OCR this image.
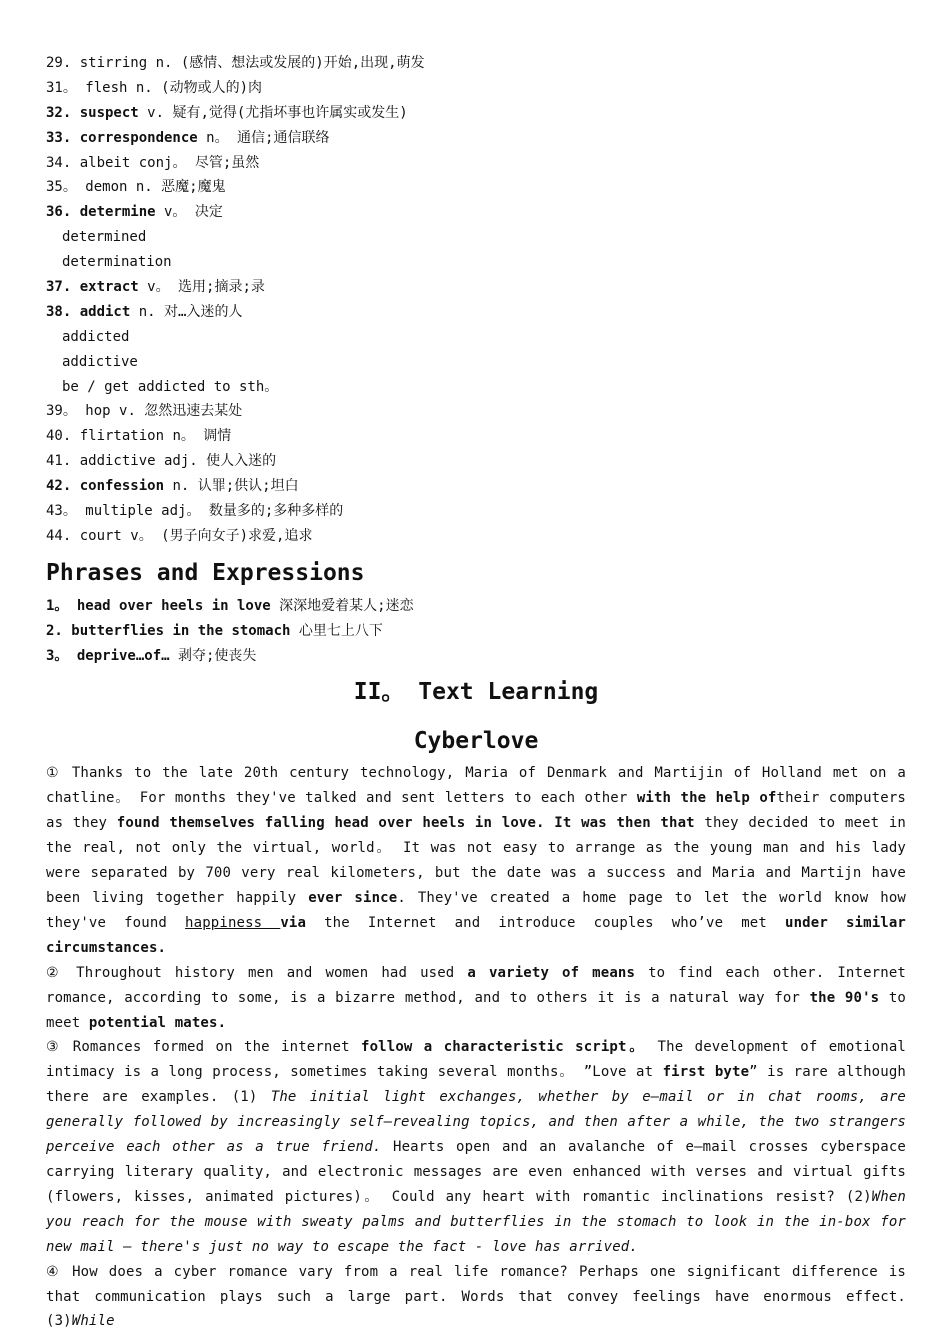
29. stirring n. (感情、想法或发展的)开始,出现,萌发
31。 flesh n. (动物或人的)肉
32. suspect v. 疑有,觉得(尤指坏事也许属实或发生)
33. correspondence n。 通信;通信联络
34. albeit conj。 尽管;虽然
35。 demon n. 恶魔;魔鬼
36. determine v。 决定
determined
determination
37. extract v。 选用;摘录;录
38. addict n. 对…入迷的人
addicted
addictive
be / get addicted to sth。
39。 hop v. 忽然迅速去某处
40. flirtation n。 调情
41. addictive adj. 使人入迷的
42. confession n. 认罪;供认;坦白
43。 multiple adj。 数量多的;多种多样的
44. court v。 (男子向女子)求爱,追求
Phrases and Expressions
1。 head over heels in love 深深地爱着某人;迷恋
2. butterflies in the stomach 心里七上八下
3。 deprive…of… 剥夺;使丧失
II。 Text Learning
Cyberlove
① Thanks to the late 20th century technology, Maria of Denmark and Martijin of Holland met on a chatline。 For months they've talked and sent letters to each other with the help oftheir computers as they found themselves falling head over heels in love. It was then that they decided to meet in the real, not only the virtual, world。 It was not easy to arrange as the young man and his lady were separated by 700 very real kilometers, but the date was a success and Maria and Martijn have been living together happily ever since. They've created a home page to let the world know how they've found happiness via the Internet and introduce couples who’ve met under similar circumstances.
② Throughout history men and women had used a variety of means to find each other. Internet romance, according to some, is a bizarre method, and to others it is a natural way for the 90's to meet potential mates.
③ Romances formed on the internet follow a characteristic script。 The development of emotional intimacy is a long process, sometimes taking several months。 ”Love at first byte” is rare although there are examples. (1) The initial light exchanges, whether by e—mail or in chat rooms, are generally followed by increasingly self—revealing topics, and then after a while, the two strangers perceive each other as a true friend. Hearts open and an avalanche of e—mail crosses cyberspace carrying literary quality, and electronic messages are even enhanced with verses and virtual gifts (flowers, kisses, animated pictures)。 Could any heart with romantic inclinations resist? (2)When you reach for the mouse with sweaty palms and butterflies in the stomach to look in the in-box for new mail — there's just no way to escape the fact - love has arrived.
④ How does a cyber romance vary from a real life romance? Perhaps one significant difference is that communication plays such a large part. Words that convey feelings have enormous effect. (3)While
